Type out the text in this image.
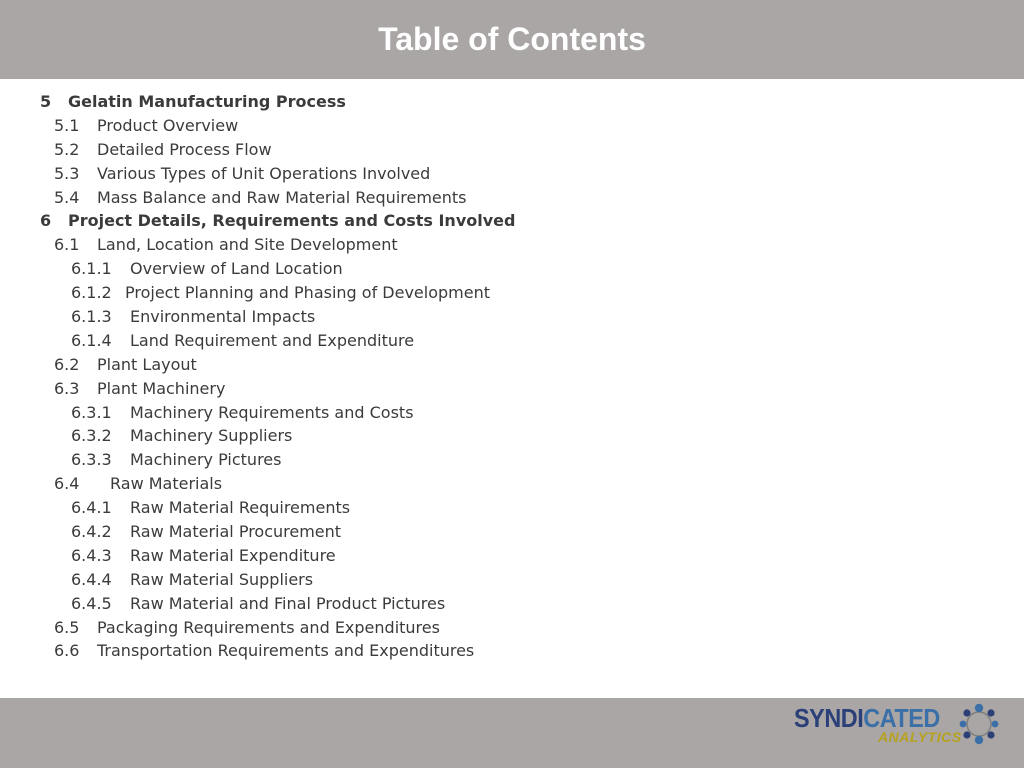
Table of Contents
5 Gelatin Manufacturing Process
5.1 Product Overview
5.2 Detailed Process Flow
5.3 Various Types of Unit Operations Involved
5.4 Mass Balance and Raw Material Requirements
6 Project Details, Requirements and Costs Involved
6.1 Land, Location and Site Development
6.1.1 Overview of Land Location
6.1.2 Project Planning and Phasing of Development
6.1.3 Environmental Impacts
6.1.4 Land Requirement and Expenditure
6.2 Plant Layout
6.3 Plant Machinery
6.3.1 Machinery Requirements and Costs
6.3.2 Machinery Suppliers
6.3.3 Machinery Pictures
6.4 Raw Materials
6.4.1 Raw Material Requirements
6.4.2 Raw Material Procurement
6.4.3 Raw Material Expenditure
6.4.4 Raw Material Suppliers
6.4.5 Raw Material and Final Product Pictures
6.5 Packaging Requirements and Expenditures
6.6 Transportation Requirements and Expenditures
SYNDICATED
ANALYTICS
